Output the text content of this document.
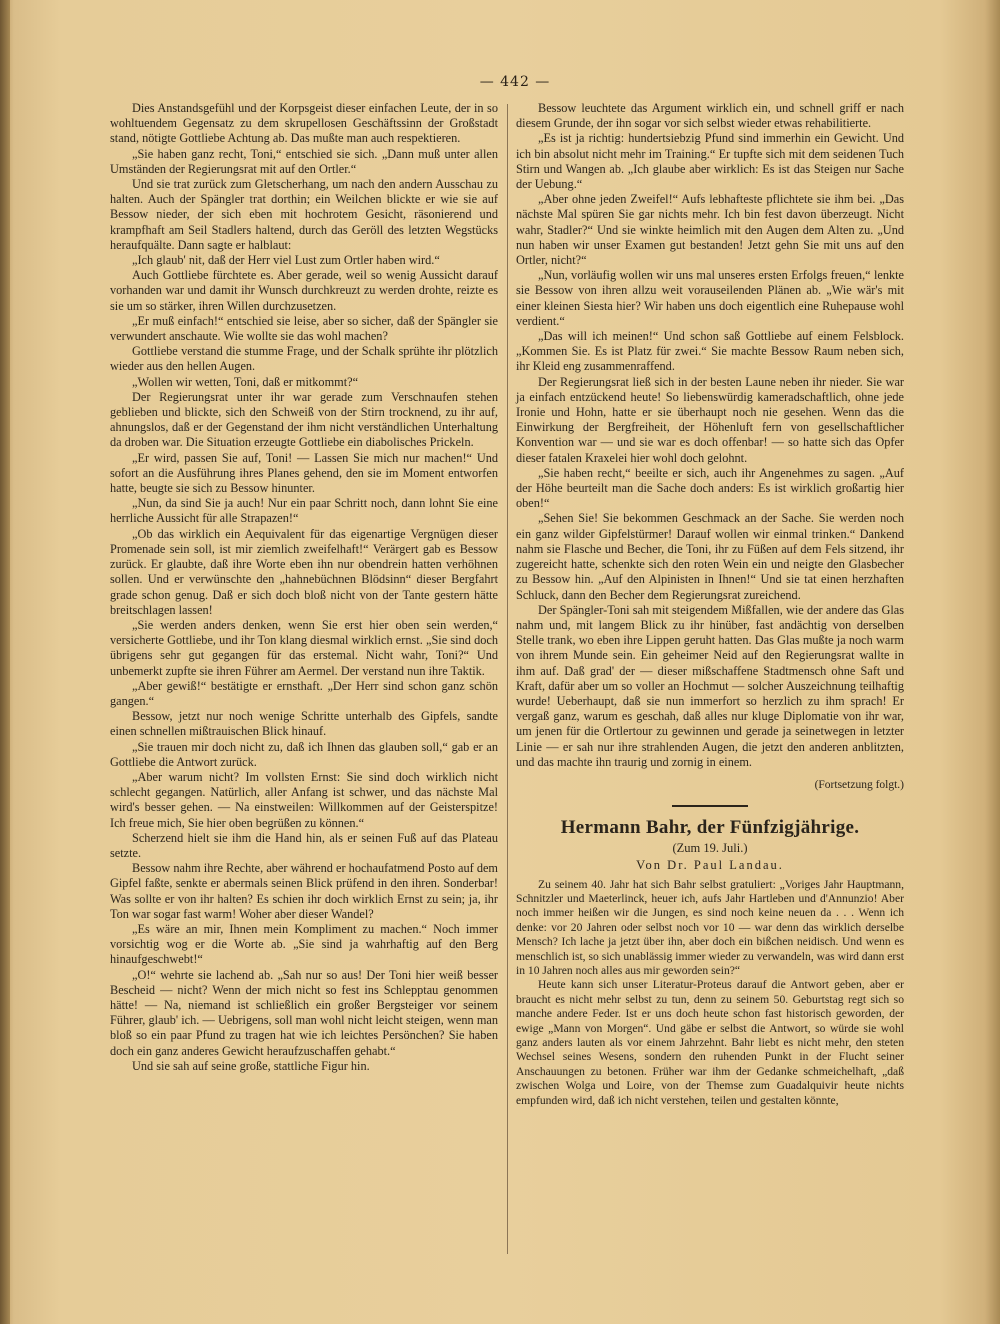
— 442 —

Dies Anstandsgefühl und der Korpsgeist dieser einfachen Leute, der in so wohltuendem Gegensatz zu dem skrupellosen Geschäftssinn der Großstadt stand, nötigte Gottliebe Achtung ab. Das mußte man auch respektieren.

„Sie haben ganz recht, Toni,“ entschied sie sich. „Dann muß unter allen Umständen der Regierungsrat mit auf den Ortler.“

Und sie trat zurück zum Gletscherhang, um nach den andern Ausschau zu halten. Auch der Spängler trat dorthin; ein Weilchen blickte er wie sie auf Bessow nieder, der sich eben mit hochrotem Gesicht, räsonierend und krampfhaft am Seil Stadlers haltend, durch das Geröll des letzten Wegstücks heraufquälte. Dann sagte er halblaut:

„Ich glaub' nit, daß der Herr viel Lust zum Ortler haben wird.“

Auch Gottliebe fürchtete es. Aber gerade, weil so wenig Aussicht darauf vorhanden war und damit ihr Wunsch durchkreuzt zu werden drohte, reizte es sie um so stärker, ihren Willen durchzusetzen.

„Er muß einfach!“ entschied sie leise, aber so sicher, daß der Spängler sie verwundert anschaute. Wie wollte sie das wohl machen?

Gottliebe verstand die stumme Frage, und der Schalk sprühte ihr plötzlich wieder aus den hellen Augen.

„Wollen wir wetten, Toni, daß er mitkommt?“

Der Regierungsrat unter ihr war gerade zum Verschnaufen stehen geblieben und blickte, sich den Schweiß von der Stirn trocknend, zu ihr auf, ahnungslos, daß er der Gegenstand der ihm nicht verständlichen Unterhaltung da droben war. Die Situation erzeugte Gottliebe ein diabolisches Prickeln.

„Er wird, passen Sie auf, Toni! — Lassen Sie mich nur machen!“ Und sofort an die Ausführung ihres Planes gehend, den sie im Moment entworfen hatte, beugte sie sich zu Bessow hinunter.

„Nun, da sind Sie ja auch! Nur ein paar Schritt noch, dann lohnt Sie eine herrliche Aussicht für alle Strapazen!“

„Ob das wirklich ein Aequivalent für das eigenartige Vergnügen dieser Promenade sein soll, ist mir ziemlich zweifelhaft!“ Verärgert gab es Bessow zurück. Er glaubte, daß ihre Worte eben ihn nur obendrein hatten verhöhnen sollen. Und er verwünschte den „hahnebüchnen Blödsinn“ dieser Bergfahrt grade schon genug. Daß er sich doch bloß nicht von der Tante gestern hätte breitschlagen lassen!

„Sie werden anders denken, wenn Sie erst hier oben sein werden,“ versicherte Gottliebe, und ihr Ton klang diesmal wirklich ernst. „Sie sind doch übrigens sehr gut gegangen für das erstemal. Nicht wahr, Toni?“ Und unbemerkt zupfte sie ihren Führer am Aermel. Der verstand nun ihre Taktik.

„Aber gewiß!“ bestätigte er ernsthaft. „Der Herr sind schon ganz schön gangen.“

Bessow, jetzt nur noch wenige Schritte unterhalb des Gipfels, sandte einen schnellen mißtrauischen Blick hinauf.

„Sie trauen mir doch nicht zu, daß ich Ihnen das glauben soll,“ gab er an Gottliebe die Antwort zurück.

„Aber warum nicht? Im vollsten Ernst: Sie sind doch wirklich nicht schlecht gegangen. Natürlich, aller Anfang ist schwer, und das nächste Mal wird's besser gehen. — Na einstweilen: Willkommen auf der Geisterspitze! Ich freue mich, Sie hier oben begrüßen zu können.“

Scherzend hielt sie ihm die Hand hin, als er seinen Fuß auf das Plateau setzte.

Bessow nahm ihre Rechte, aber während er hochaufatmend Posto auf dem Gipfel faßte, senkte er abermals seinen Blick prüfend in den ihren. Sonderbar! Was sollte er von ihr halten? Es schien ihr doch wirklich Ernst zu sein; ja, ihr Ton war sogar fast warm! Woher aber dieser Wandel?

„Es wäre an mir, Ihnen mein Kompliment zu machen.“ Noch immer vorsichtig wog er die Worte ab. „Sie sind ja wahrhaftig auf den Berg hinaufgeschwebt!“

„O!“ wehrte sie lachend ab. „Sah nur so aus! Der Toni hier weiß besser Bescheid — nicht? Wenn der mich nicht so fest ins Schlepptau genommen hätte! — Na, niemand ist schließlich ein großer Bergsteiger vor seinem Führer, glaub' ich. — Uebrigens, soll man wohl nicht leicht steigen, wenn man bloß so ein paar Pfund zu tragen hat wie ich leichtes Persönchen? Sie haben doch ein ganz anderes Gewicht heraufzuschaffen gehabt.“

Und sie sah auf seine große, stattliche Figur hin.

Bessow leuchtete das Argument wirklich ein, und schnell griff er nach diesem Grunde, der ihn sogar vor sich selbst wieder etwas rehabilitierte.

„Es ist ja richtig: hundertsiebzig Pfund sind immerhin ein Gewicht. Und ich bin absolut nicht mehr im Training.“ Er tupfte sich mit dem seidenen Tuch Stirn und Wangen ab. „Ich glaube aber wirklich: Es ist das Steigen nur Sache der Uebung.“

„Aber ohne jeden Zweifel!“ Aufs lebhafteste pflichtete sie ihm bei. „Das nächste Mal spüren Sie gar nichts mehr. Ich bin fest davon überzeugt. Nicht wahr, Stadler?“ Und sie winkte heimlich mit den Augen dem Alten zu. „Und nun haben wir unser Examen gut bestanden! Jetzt gehn Sie mit uns auf den Ortler, nicht?“

„Nun, vorläufig wollen wir uns mal unseres ersten Erfolgs freuen,“ lenkte sie Bessow von ihren allzu weit vorauseilenden Plänen ab. „Wie wär's mit einer kleinen Siesta hier? Wir haben uns doch eigentlich eine Ruhepause wohl verdient.“

„Das will ich meinen!“ Und schon saß Gottliebe auf einem Felsblock. „Kommen Sie. Es ist Platz für zwei.“ Sie machte Bessow Raum neben sich, ihr Kleid eng zusammenraffend.

Der Regierungsrat ließ sich in der besten Laune neben ihr nieder. Sie war ja einfach entzückend heute! So liebenswürdig kameradschaftlich, ohne jede Ironie und Hohn, hatte er sie überhaupt noch nie gesehen. Wenn das die Einwirkung der Bergfreiheit, der Höhenluft fern von gesellschaftlicher Konvention war — und sie war es doch offenbar! — so hatte sich das Opfer dieser fatalen Kraxelei hier wohl doch gelohnt.

„Sie haben recht,“ beeilte er sich, auch ihr Angenehmes zu sagen. „Auf der Höhe beurteilt man die Sache doch anders: Es ist wirklich großartig hier oben!“

„Sehen Sie! Sie bekommen Geschmack an der Sache. Sie werden noch ein ganz wilder Gipfelstürmer! Darauf wollen wir einmal trinken.“ Dankend nahm sie Flasche und Becher, die Toni, ihr zu Füßen auf dem Fels sitzend, ihr zugereicht hatte, schenkte sich den roten Wein ein und neigte den Glasbecher zu Bessow hin. „Auf den Alpinisten in Ihnen!“ Und sie tat einen herzhaften Schluck, dann den Becher dem Regierungsrat zureichend.

Der Spängler-Toni sah mit steigendem Mißfallen, wie der andere das Glas nahm und, mit langem Blick zu ihr hinüber, fast andächtig von derselben Stelle trank, wo eben ihre Lippen geruht hatten. Das Glas mußte ja noch warm von ihrem Munde sein. Ein geheimer Neid auf den Regierungsrat wallte in ihm auf. Daß grad' der — dieser mißschaffene Stadtmensch ohne Saft und Kraft, dafür aber um so voller an Hochmut — solcher Auszeichnung teilhaftig wurde! Ueberhaupt, daß sie nun immerfort so herzlich zu ihm sprach! Er vergaß ganz, warum es geschah, daß alles nur kluge Diplomatie von ihr war, um jenen für die Ortlertour zu gewinnen und gerade ja seinetwegen in letzter Linie — er sah nur ihre strahlenden Augen, die jetzt den anderen anblitzten, und das machte ihn traurig und zornig in einem.

(Fortsetzung folgt.)
Hermann Bahr, der Fünfzigjährige.
(Zum 19. Juli.)
Von Dr. Paul Landau.

Zu seinem 40. Jahr hat sich Bahr selbst gratuliert: „Voriges Jahr Hauptmann, Schnitzler und Maeterlinck, heuer ich, aufs Jahr Hartleben und d'Annunzio! Aber noch immer heißen wir die Jungen, es sind noch keine neuen da . . . Wenn ich denke: vor 20 Jahren oder selbst noch vor 10 — war denn das wirklich derselbe Mensch? Ich lache ja jetzt über ihn, aber doch ein bißchen neidisch. Und wenn es menschlich ist, so sich unablässig immer wieder zu verwandeln, was wird dann erst in 10 Jahren noch alles aus mir geworden sein?“

Heute kann sich unser Literatur-Proteus darauf die Antwort geben, aber er braucht es nicht mehr selbst zu tun, denn zu seinem 50. Geburtstag regt sich so manche andere Feder. Ist er uns doch heute schon fast historisch geworden, der ewige „Mann von Morgen“. Und gäbe er selbst die Antwort, so würde sie wohl ganz anders lauten als vor einem Jahrzehnt. Bahr liebt es nicht mehr, den steten Wechsel seines Wesens, sondern den ruhenden Punkt in der Flucht seiner Anschauungen zu betonen. Früher war ihm der Gedanke schmeichelhaft, „daß zwischen Wolga und Loire, von der Themse zum Guadalquivir heute nichts empfunden wird, daß ich nicht verstehen, teilen und gestalten könnte,
